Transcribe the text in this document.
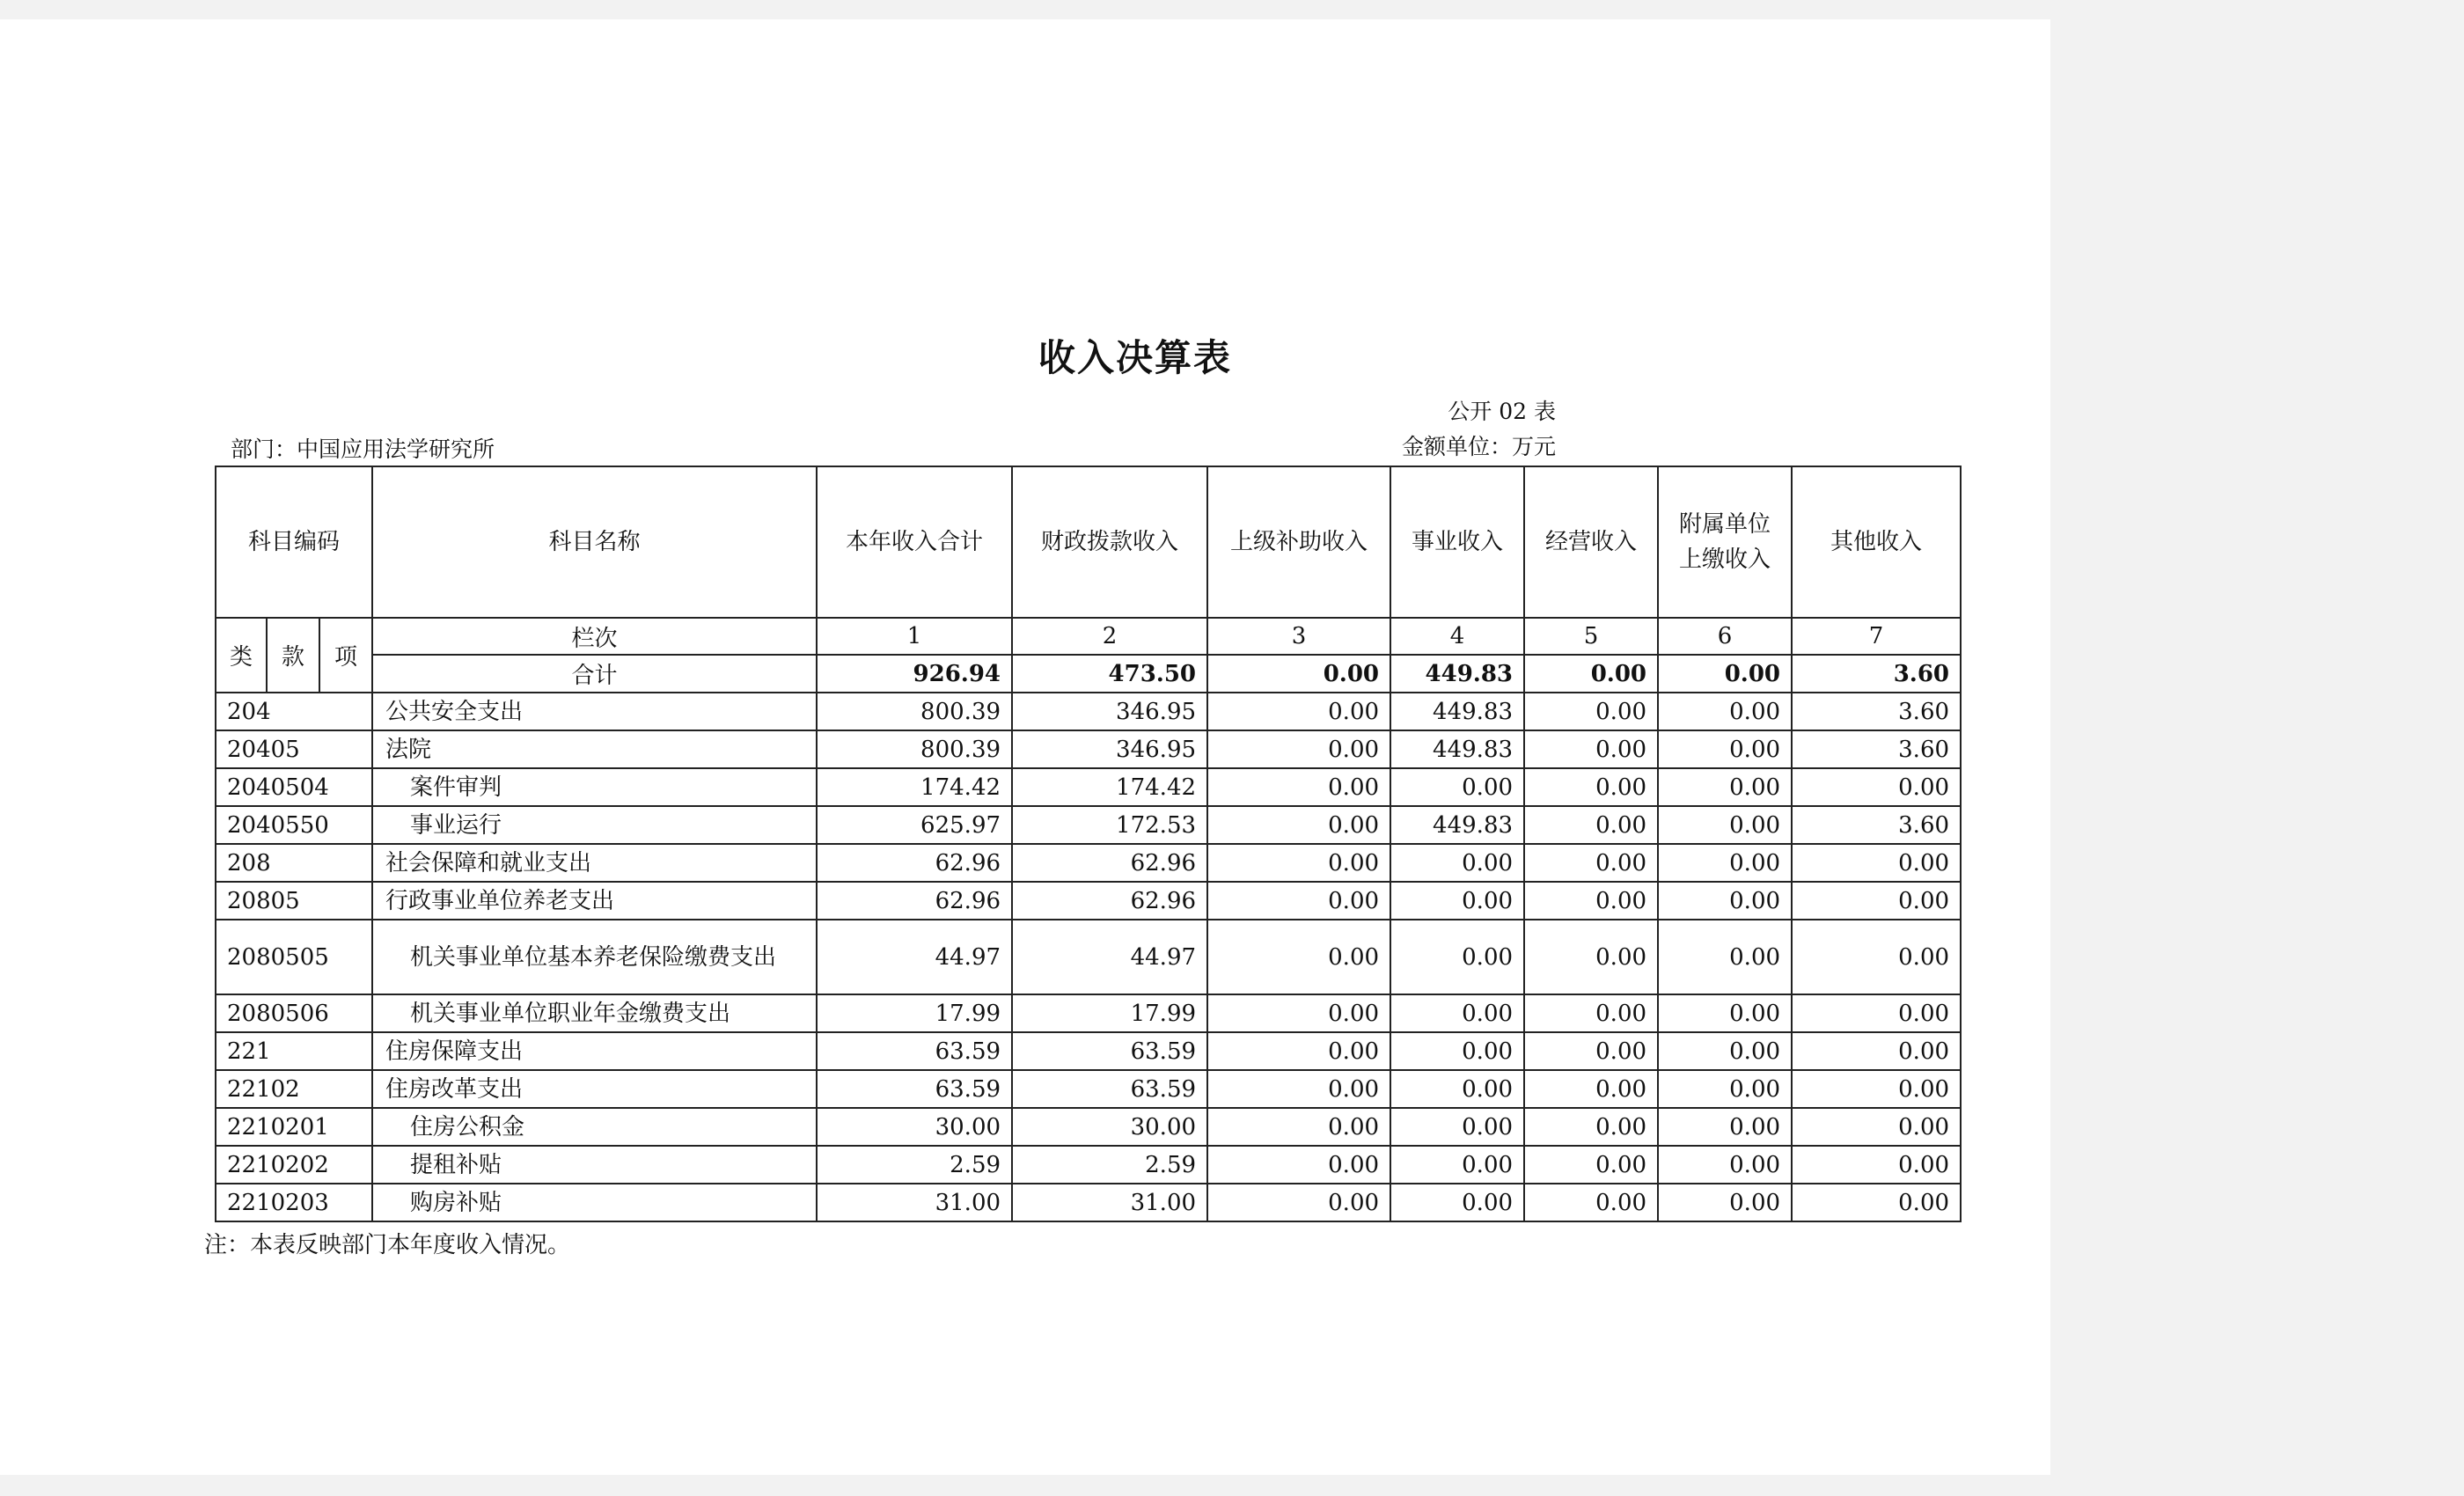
收入决算表
公开 02 表
部门：中国应用法学研究所	金额单位：万元
科目编码			科目名称	本年收入合计	财政拨款收入	上级补助收入	事业收入	经营收入	附属单位上缴收入	其他收入
类	款	项	栏次	1	2	3	4	5	6	7
			合计	926.94	473.50	0.00	449.83	0.00	0.00	3.60
204			公共安全支出	800.39	346.95	0.00	449.83	0.00	0.00	3.60
20405			法院	800.39	346.95	0.00	449.83	0.00	0.00	3.60
2040504			案件审判	174.42	174.42	0.00	0.00	0.00	0.00	0.00
2040550			事业运行	625.97	172.53	0.00	449.83	0.00	0.00	3.60
208			社会保障和就业支出	62.96	62.96	0.00	0.00	0.00	0.00	0.00
20805			行政事业单位养老支出	62.96	62.96	0.00	0.00	0.00	0.00	0.00
2080505			机关事业单位基本养老保险缴费支出	44.97	44.97	0.00	0.00	0.00	0.00	0.00
2080506			机关事业单位职业年金缴费支出	17.99	17.99	0.00	0.00	0.00	0.00	0.00
221			住房保障支出	63.59	63.59	0.00	0.00	0.00	0.00	0.00
22102			住房改革支出	63.59	63.59	0.00	0.00	0.00	0.00	0.00
2210201			住房公积金	30.00	30.00	0.00	0.00	0.00	0.00	0.00
2210202			提租补贴	2.59	2.59	0.00	0.00	0.00	0.00	0.00
2210203			购房补贴	31.00	31.00	0.00	0.00	0.00	0.00	0.00
注：本表反映部门本年度收入情况。
